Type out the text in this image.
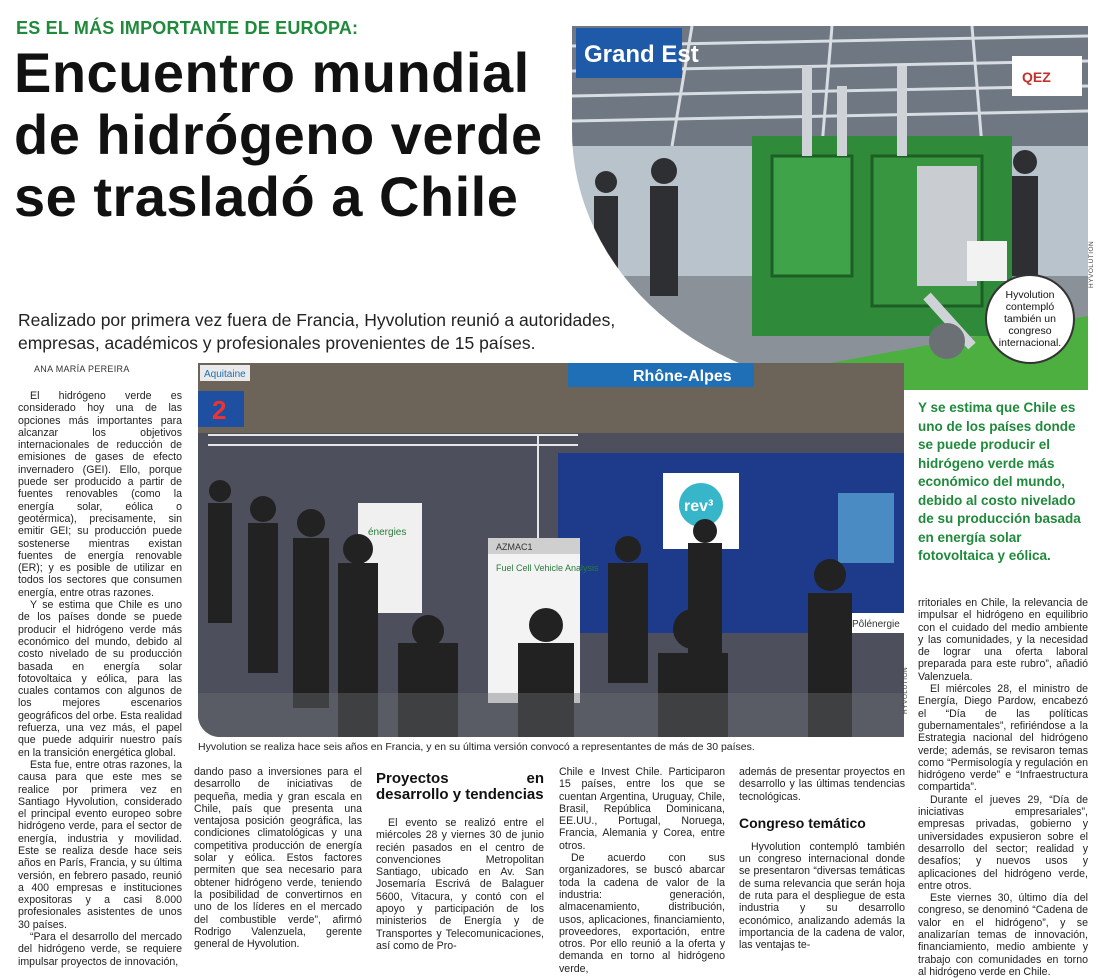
ES EL MÁS IMPORTANTE DE EUROPA:
Encuentro mundial de hidrógeno verde se trasladó a Chile
Realizado por primera vez fuera de Francia, Hyvolution reunió a autoridades, empresas, académicos y profesionales provenientes de 15 países.
ANA MARÍA PEREIRA
Grand Est
QEZ
HYVOLUTION
Hyvolution contempló también un congreso internacional.
Rhône-Alpes
Aquitaine
2
rev³
Pôlénergie
AZMAC1
Fuel Cell Vehicle Analysis
énergies
HYVOLUTION
Hyvolution se realiza hace seis años en Francia, y en su última versión convocó a representantes de más de 30 países.
Y se estima que Chile es uno de los países donde se puede producir el hidrógeno verde más económico del mundo, debido al costo nivelado de su producción basada en energía solar fotovoltaica y eólica.

El hidrógeno verde es considerado hoy una de las opciones más importantes para alcanzar los objetivos internacionales de reducción de emisiones de gases de efecto invernadero (GEI). Ello, porque puede ser producido a partir de fuentes renovables (como la energía solar, eólica o geotérmica), precisamente, sin emitir GEI; su producción puede sostenerse mientras existan fuentes de energía renovable (ER); y es posible de utilizar en todos los sectores que consumen energía, entre otras razones.

Y se estima que Chile es uno de los países donde se puede producir el hidrógeno verde más económico del mundo, debido al costo nivelado de su producción basada en energía solar fotovoltaica y eólica, para las cuales contamos con algunos de los mejores escenarios geográficos del orbe. Esta realidad refuerza, una vez más, el papel que puede adquirir nuestro país en la transición energética global.

Esta fue, entre otras razones, la causa para que este mes se realice por primera vez en Santiago Hyvolution, considerado el principal evento europeo sobre hidrógeno verde, para el sector de energía, industria y movilidad. Este se realiza desde hace seis años en París, Francia, y su última versión, en febrero pasado, reunió a 400 empresas e instituciones expositoras y a casi 8.000 profesionales asistentes de unos 30 países.

“Para el desarrollo del mercado del hidrógeno verde, se requiere impulsar proyectos de innovación,

dando paso a inversiones para el desarrollo de iniciativas de pequeña, media y gran escala en Chile, país que presenta una ventajosa posición geográfica, las condiciones climatológicas y una competitiva producción de energía solar y eólica. Estos factores permiten que sea necesario para obtener hidrógeno verde, teniendo la posibilidad de convertirnos en uno de los líderes en el mercado del combustible verde”, afirmó Rodrigo Valenzuela, gerente general de Hyvolution.

Proyectos en desarrollo y tendencias

El evento se realizó entre el miércoles 28 y viernes 30 de junio recién pasados en el centro de convenciones Metropolitan Santiago, ubicado en Av. San Josemaría Escrivá de Balaguer 5600, Vitacura, y contó con el apoyo y participación de los ministerios de Energía y de Transportes y Telecomunicaciones, así como de Pro-

Chile e Invest Chile. Participaron 15 países, entre los que se cuentan Argentina, Uruguay, Chile, Brasil, República Dominicana, EE.UU., Portugal, Noruega, Francia, Alemania y Corea, entre otros.

De acuerdo con sus organizadores, se buscó abarcar toda la cadena de valor de la industria: generación, almacenamiento, distribución, usos, aplicaciones, financiamiento, proveedores, exportación, entre otros. Por ello reunió a la oferta y demanda en torno al hidrógeno verde,

además de presentar proyectos en desarrollo y las últimas tendencias tecnológicas.

Congreso temático

Hyvolution contempló también un congreso internacional donde se presentaron “diversas temáticas de suma relevancia que serán hoja de ruta para el despliegue de esta industria y su desarrollo económico, analizando además la importancia de la cadena de valor, las ventajas te-

rritoriales en Chile, la relevancia de impulsar el hidrógeno en equilibrio con el cuidado del medio ambiente y las comunidades, y la necesidad de lograr una oferta laboral preparada para este rubro”, añadió Valenzuela.

El miércoles 28, el ministro de Energía, Diego Pardow, encabezó el “Día de las políticas gubernamentales”, refiriéndose a la Estrategia nacional del hidrógeno verde; además, se revisaron temas como “Permisología y regulación en hidrógeno verde” e “Infraestructura compartida”.

Durante el jueves 29, “Día de iniciativas empresariales”, empresas privadas, gobierno y universidades expusieron sobre el desarrollo del sector; realidad y desafíos; y nuevos usos y aplicaciones del hidrógeno verde, entre otros.

Este viernes 30, último día del congreso, se denominó “Cadena de valor en el hidrógeno”, y se analizarían temas de innovación, financiamiento, medio ambiente y trabajo con comunidades en torno al hidrógeno verde en Chile.
